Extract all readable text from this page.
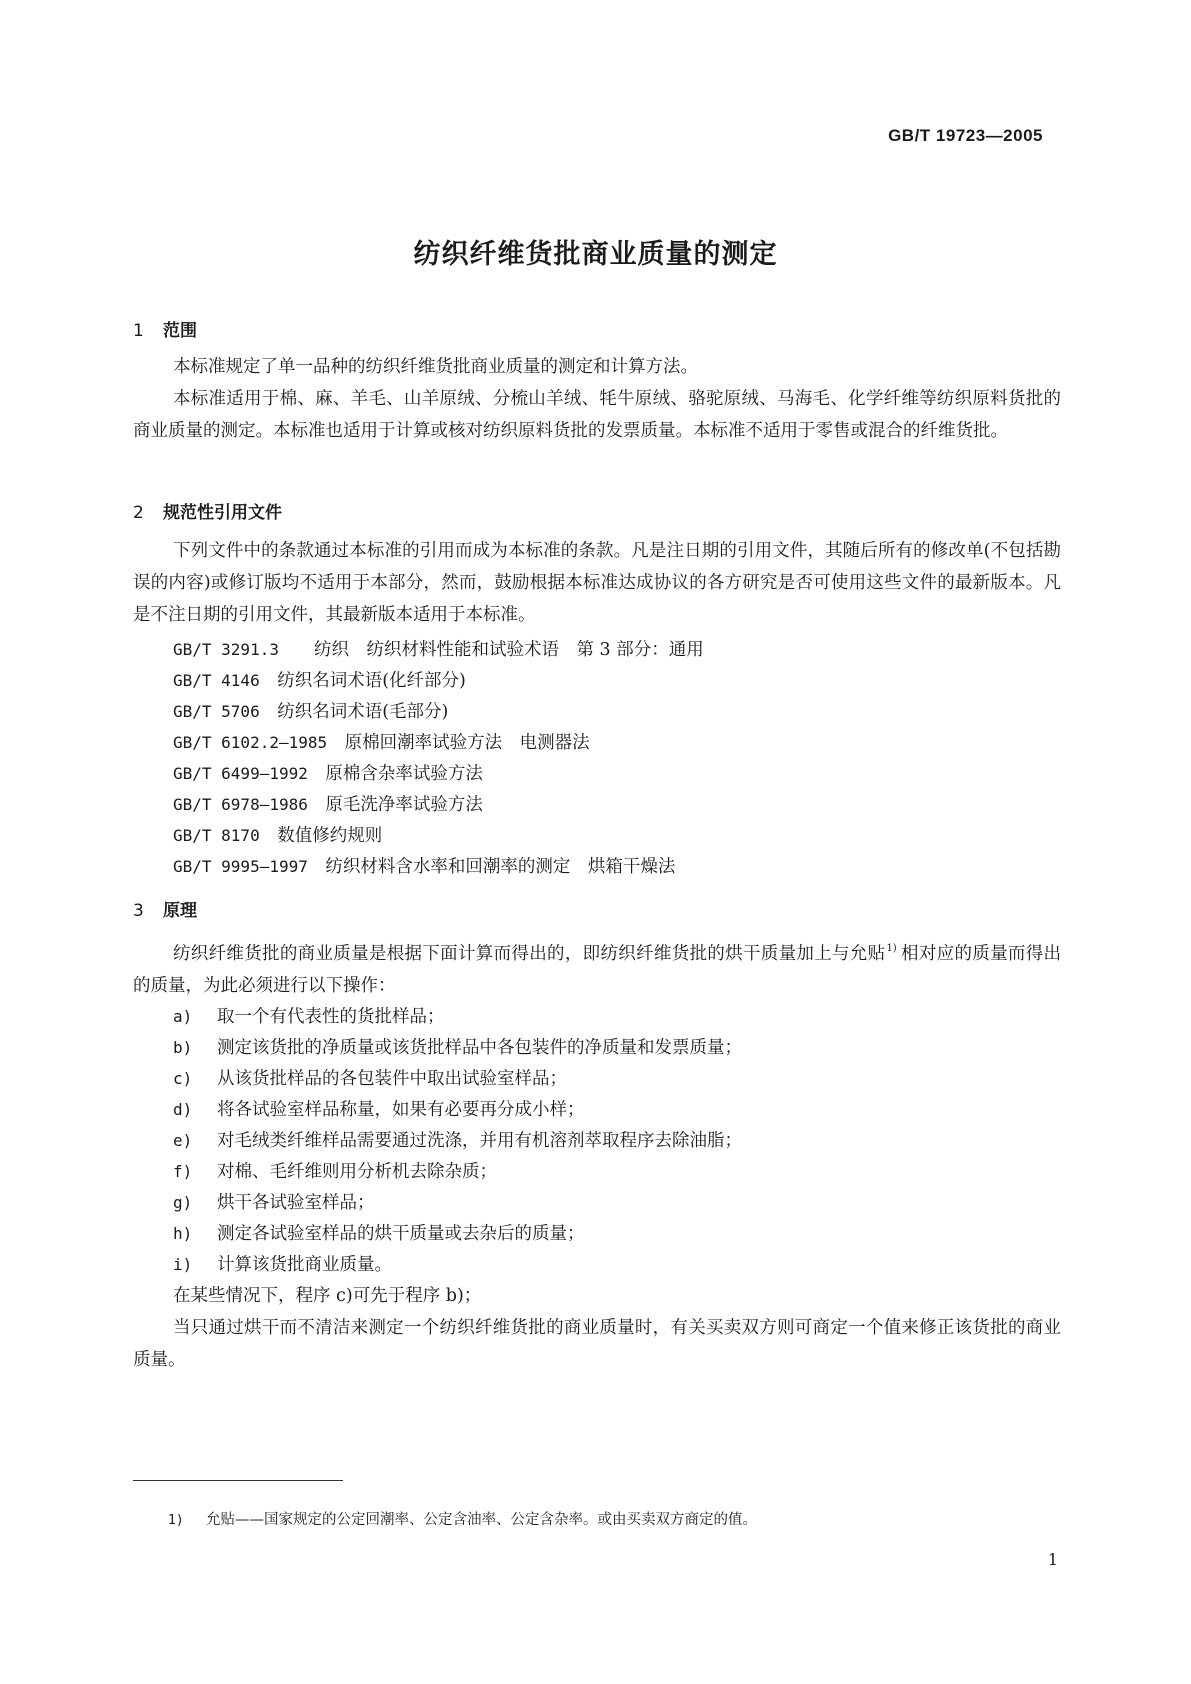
GB/T 19723—2005
纺织纤维货批商业质量的测定
1 范围

本标准规定了单一品种的纺织纤维货批商业质量的测定和计算方法。

本标准适用于棉、麻、羊毛、山羊原绒、分梳山羊绒、牦牛原绒、骆驼原绒、马海毛、化学纤维等纺织原料货批的商业质量的测定。本标准也适用于计算或核对纺织原料货批的发票质量。本标准不适用于零售或混合的纤维货批。

2 规范性引用文件

下列文件中的条款通过本标准的引用而成为本标准的条款。凡是注日期的引用文件，其随后所有的修改单(不包括勘误的内容)或修订版均不适用于本部分，然而，鼓励根据本标准达成协议的各方研究是否可使用这些文件的最新版本。凡是不注日期的引用文件，其最新版本适用于本标准。

GB/T 3291.3　　 纺织　纺织材料性能和试验术语　第 3 部分：通用
GB/T 4146　 纺织名词术语(化纤部分)
GB/T 5706　 纺织名词术语(毛部分)
GB/T 6102.2—1985　 原棉回潮率试验方法　电测器法
GB/T 6499—1992　 原棉含杂率试验方法
GB/T 6978—1986　 原毛洗净率试验方法
GB/T 8170　 数值修约规则
GB/T 9995—1997　 纺织材料含水率和回潮率的测定　烘箱干燥法
3 原理

纺织纤维货批的商业质量是根据下面计算而得出的，即纺织纤维货批的烘干质量加上与允贴$^{1)}$ 相对应的质量而得出的质量，为此必须进行以下操作：

a) 取一个有代表性的货批样品；
b) 测定该货批的净质量或该货批样品中各包装件的净质量和发票质量；
c) 从该货批样品的各包装件中取出试验室样品；
d) 将各试验室样品称量，如果有必要再分成小样；
e) 对毛绒类纤维样品需要通过洗涤，并用有机溶剂萃取程序去除油脂；
f) 对棉、毛纤维则用分析机去除杂质；
g) 烘干各试验室样品；
h) 测定各试验室样品的烘干质量或去杂后的质量；
i) 计算该货批商业质量。
在某些情况下，程序 c)可先于程序 b)；

当只通过烘干而不清洁来测定一个纺织纤维货批的商业质量时，有关买卖双方则可商定一个值来修正该货批的商业质量。

1) 允贴——国家规定的公定回潮率、公定含油率、公定含杂率。或由买卖双方商定的值。
1
